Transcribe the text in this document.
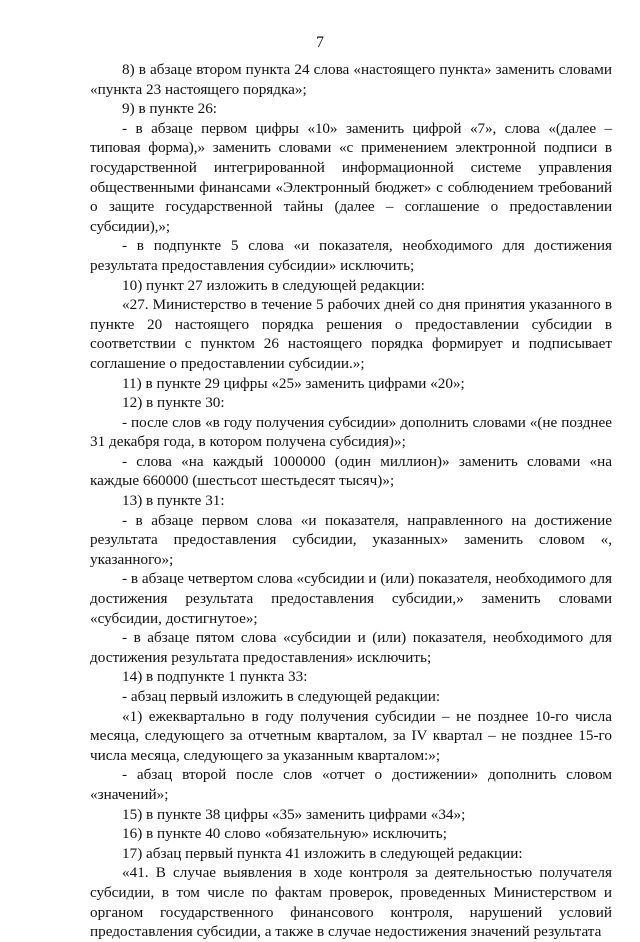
7

8) в абзаце втором пункта 24 слова «настоящего пункта» заменить словами «пункта 23 настоящего порядка»;

9) в пункте 26:

- в абзаце первом цифры «10» заменить цифрой «7», слова «(далее – типовая форма),» заменить словами «с применением электронной подписи в государственной интегрированной информационной системе управления общественными финансами «Электронный бюджет» с соблюдением требований о защите государственной тайны (далее – соглашение о предоставлении субсидии),»;

- в подпункте 5 слова «и показателя, необходимого для достижения результата предоставления субсидии» исключить;

10) пункт 27 изложить в следующей редакции:

«27. Министерство в течение 5 рабочих дней со дня принятия указанного в пункте 20 настоящего порядка решения о предоставлении субсидии в соответствии с пунктом 26 настоящего порядка формирует и подписывает соглашение о предоставлении субсидии.»;

11) в пункте 29 цифры «25» заменить цифрами «20»;

12) в пункте 30:

- после слов «в году получения субсидии» дополнить словами «(не позднее 31 декабря года, в котором получена субсидия)»;

- слова «на каждый 1000000 (один миллион)» заменить словами «на каждые 660000 (шестьсот шестьдесят тысяч)»;

13) в пункте 31:

- в абзаце первом слова «и показателя, направленного на достижение результата предоставления субсидии, указанных» заменить словом «, указанного»;

- в абзаце четвертом слова «субсидии и (или) показателя, необходимого для достижения результата предоставления субсидии,» заменить словами «субсидии, достигнутое»;

- в абзаце пятом слова «субсидии и (или) показателя, необходимого для достижения результата предоставления» исключить;

14) в подпункте 1 пункта 33:

- абзац первый изложить в следующей редакции:

«1) ежеквартально в году получения субсидии – не позднее 10-го числа месяца, следующего за отчетным кварталом, за IV квартал – не позднее 15-го числа месяца, следующего за указанным кварталом:»;

- абзац второй после слов «отчет о достижении» дополнить словом «значений»;

15) в пункте 38 цифры «35» заменить цифрами «34»;

16) в пункте 40 слово «обязательную» исключить;

17) абзац первый пункта 41 изложить в следующей редакции:

«41. В случае выявления в ходе контроля за деятельностью получателя субсидии, в том числе по фактам проверок, проведенных Министерством и органом государственного финансового контроля, нарушений условий предоставления субсидии, а также в случае недостижения значений результата
